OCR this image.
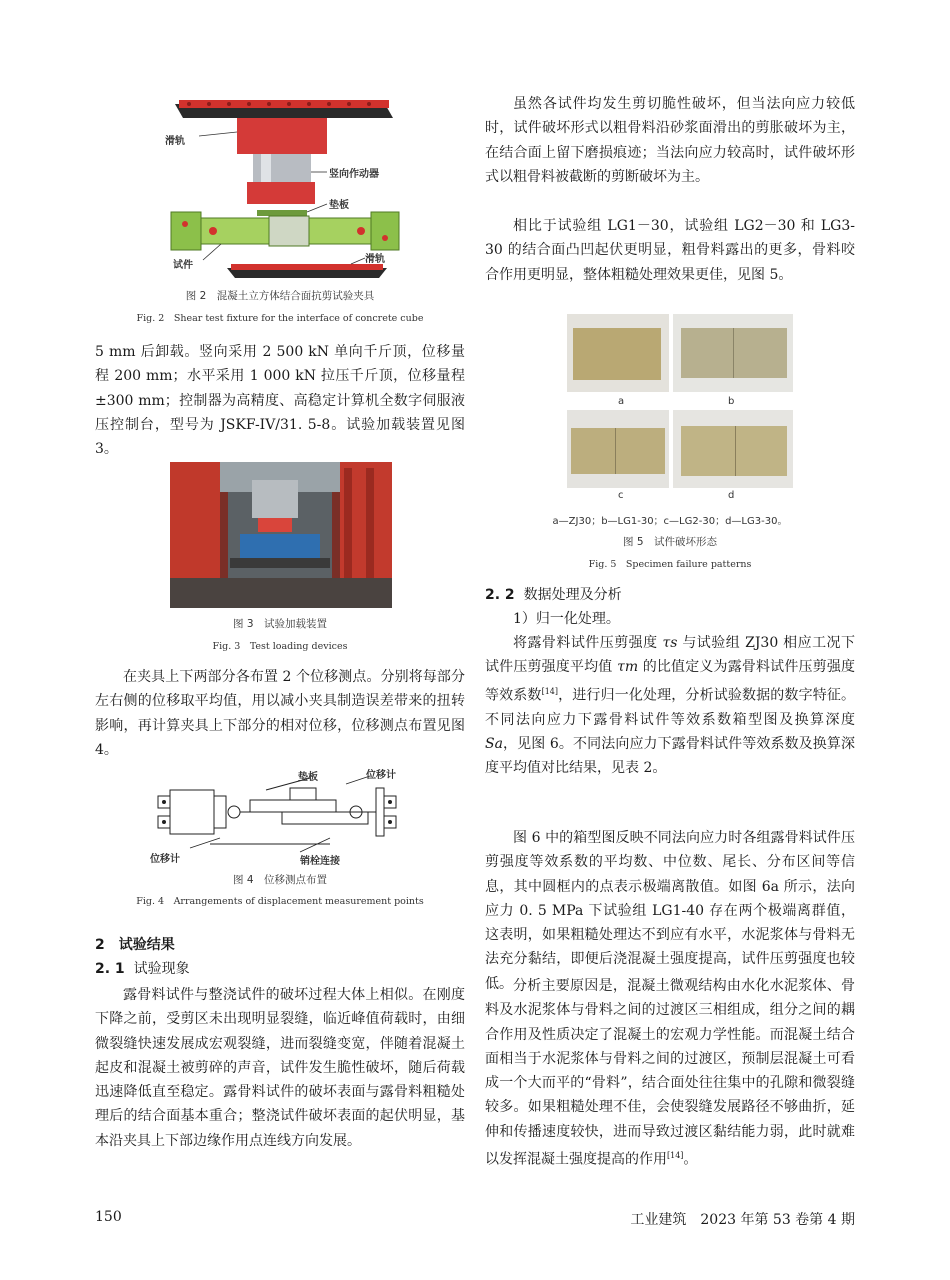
滑轨
竖向作动器
垫板
试件
滑轨

图 2　混凝土立方体结合面抗剪试验夹具

Fig. 2　Shear test fixture for the interface of concrete cube

5 mm 后卸载。竖向采用 2 500 kN 单向千斤顶，位移量程 200 mm；水平采用 1 000 kN 拉压千斤顶，位移量程±300 mm；控制器为高精度、高稳定计算机全数字伺服液压控制台，型号为 JSKF-IV/31. 5-8。试验加载装置见图 3。

图 3　试验加载装置

Fig. 3　Test loading devices

在夹具上下两部分各布置 2 个位移测点。分别将每部分左右侧的位移取平均值，用以减小夹具制造误差带来的扭转影响，再计算夹具上下部分的相对位移，位移测点布置见图 4。

垫板	位移计
位移计	销栓连接

图 4　位移测点布置

Fig. 4　Arrangements of displacement measurement points

2　试验结果

2. 1 试验现象

露骨料试件与整浇试件的破坏过程大体上相似。在刚度下降之前，受剪区未出现明显裂缝，临近峰值荷载时，由细微裂缝快速发展成宏观裂缝，进而裂缝变宽，伴随着混凝土起皮和混凝土被剪碎的声音，试件发生脆性破坏，随后荷载迅速降低直至稳定。露骨料试件的破坏表面与露骨料粗糙处理后的结合面基本重合；整浇试件破坏表面的起伏明显，基本沿夹具上下部边缘作用点连线方向发展。

虽然各试件均发生剪切脆性破坏，但当法向应力较低时，试件破坏形式以粗骨料沿砂浆面滑出的剪胀破坏为主，在结合面上留下磨损痕迹；当法向应力较高时，试件破坏形式以粗骨料被截断的剪断破坏为主。

相比于试验组 LG1－30，试验组 LG2－30 和 LG3-30 的结合面凸凹起伏更明显，粗骨料露出的更多，骨料咬合作用更明显，整体粗糙处理效果更佳，见图 5。

a	b
c	d

a—ZJ30；b—LG1-30；c—LG2-30；d—LG3-30。

图 5　试件破坏形态

Fig. 5　Specimen failure patterns

2. 2 数据处理及分析

1）归一化处理。

将露骨料试件压剪强度 τs 与试验组 ZJ30 相应工况下试件压剪强度平均值 τm 的比值定义为露骨料试件压剪强度等效系数[14]，进行归一化处理，分析试验数据的数字特征。不同法向应力下露骨料试件等效系数箱型图及换算深度 Sa，见图 6。不同法向应力下露骨料试件等效系数及换算深度平均值对比结果，见表 2。

图 6 中的箱型图反映不同法向应力时各组露骨料试件压剪强度等效系数的平均数、中位数、尾长、分布区间等信息，其中圆框内的点表示极端离散值。如图 6a 所示，法向应力 0. 5 MPa 下试验组 LG1-40 存在两个极端离群值，这表明，如果粗糙处理达不到应有水平，水泥浆体与骨料无法充分黏结，即便后浇混凝土强度提高，试件压剪强度也较低。 分析主要原因是，混凝土微观结构由水化水泥浆体、骨料及水泥浆体与骨料之间的过渡区三相组成，组分之间的耦合作用及性质决定了混凝土的宏观力学性能。而混凝土结合面相当于水泥浆体与骨料之间的过渡区，预制层混凝土可看成一个大而平的“骨料”，结合面处往往集中的孔隙和微裂缝较多。如果粗糙处理不佳，会使裂缝发展路径不够曲折，延伸和传播速度较快，进而导致过渡区黏结能力弱，此时就难以发挥混凝土强度提高的作用[14]。

150	工业建筑　2023 年第 53 卷第 4 期
